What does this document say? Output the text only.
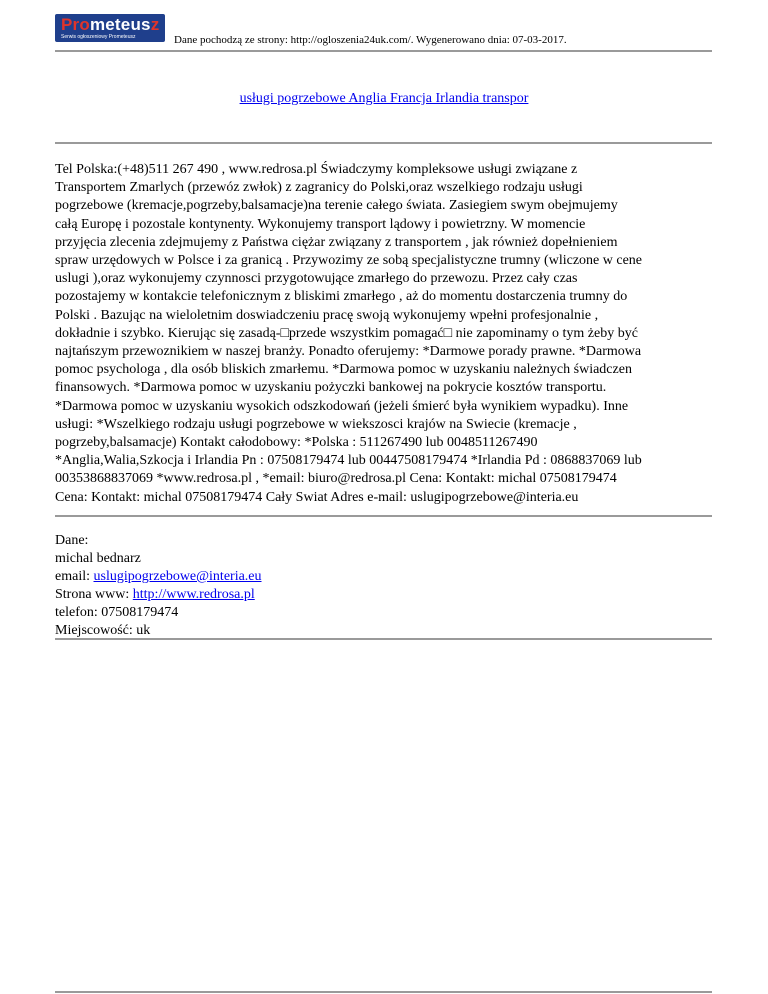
Prometeusz
Serwis ogłoszeniowy Prometeusz	Dane pochodzą ze strony: http://ogloszenia24uk.com/. Wygenerowano dnia: 07-03-2017.
usługi pogrzebowe Anglia Francja Irlandia transpor
Tel Polska:(+48)511 267 490 , www.redrosa.pl Świadczymy kompleksowe usługi związane z
Transportem Zmarlych (przewóz zwłok) z zagranicy do Polski,oraz wszelkiego rodzaju usługi
pogrzebowe (kremacje,pogrzeby,balsamacje)na terenie całego świata. Zasiegiem swym obejmujemy
całą Europę i pozostale kontynenty. Wykonujemy transport lądowy i powietrzny. W momencie
przyjęcia zlecenia zdejmujemy z Państwa ciężar związany z transportem , jak również dopełnieniem
spraw urzędowych w Polsce i za granicą . Przywozimy ze sobą specjalistyczne trumny (wliczone w cene
uslugi ),oraz wykonujemy czynnosci przygotowujące zmarłego do przewozu. Przez cały czas
pozostajemy w kontakcie telefonicznym z bliskimi zmarłego , aż do momentu dostarczenia trumny do
Polski . Bazując na wieloletnim doswiadczeniu pracę swoją wykonujemy wpełni profesjonalnie ,
dokładnie i szybko. Kierując się zasadą-□przede wszystkim pomagać□ nie zapominamy o tym żeby być
najtańszym przewoznikiem w naszej branży. Ponadto oferujemy: *Darmowe porady prawne. *Darmowa
pomoc psychologa , dla osób bliskich zmarłemu. *Darmowa pomoc w uzyskaniu należnych świadczen
finansowych. *Darmowa pomoc w uzyskaniu pożyczki bankowej na pokrycie kosztów transportu.
*Darmowa pomoc w uzyskaniu wysokich odszkodowań (jeżeli śmierć była wynikiem wypadku). Inne
usługi: *Wszelkiego rodzaju usługi pogrzebowe w wiekszosci krajów na Swiecie (kremacje ,
pogrzeby,balsamacje) Kontakt całodobowy: *Polska : 511267490 lub 0048511267490
*Anglia,Walia,Szkocja i Irlandia Pn : 07508179474 lub 00447508179474 *Irlandia Pd : 0868837069 lub
00353868837069 *www.redrosa.pl , *email: biuro@redrosa.pl Cena: Kontakt: michal 07508179474
Cena: Kontakt: michal 07508179474 Cały Swiat Adres e-mail: uslugipogrzebowe@interia.eu
Dane:
michal bednarz
email: uslugipogrzebowe@interia.eu
Strona www: http://www.redrosa.pl
telefon: 07508179474
Miejscowość: uk
